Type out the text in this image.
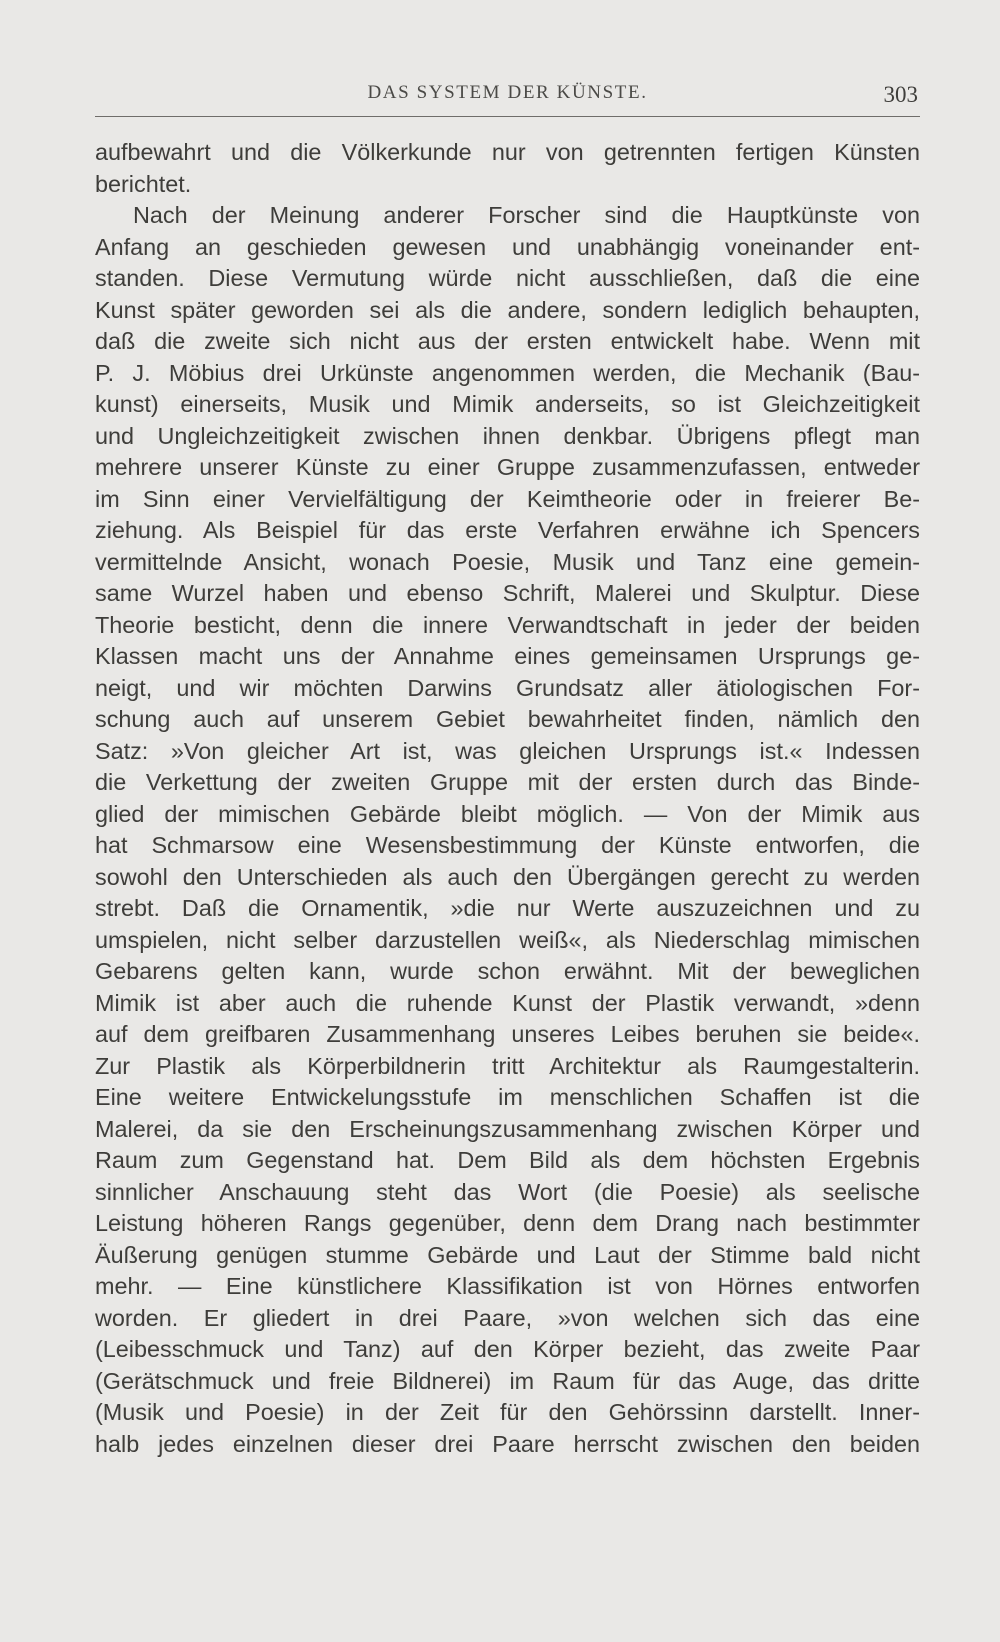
DAS SYSTEM DER KÜNSTE.	303
aufbewahrt und die Völkerkunde nur von getrennten fertigen Künsten
berichtet.
Nach der Meinung anderer Forscher sind die Hauptkünste von
Anfang an geschieden gewesen und unabhängig voneinander ent-
standen. Diese Vermutung würde nicht ausschließen, daß die eine
Kunst später geworden sei als die andere, sondern lediglich behaupten,
daß die zweite sich nicht aus der ersten entwickelt habe. Wenn mit
P. J. Möbius drei Urkünste angenommen werden, die Mechanik (Bau-
kunst) einerseits, Musik und Mimik anderseits, so ist Gleichzeitigkeit
und Ungleichzeitigkeit zwischen ihnen denkbar. Übrigens pflegt man
mehrere unserer Künste zu einer Gruppe zusammenzufassen, entweder
im Sinn einer Vervielfältigung der Keimtheorie oder in freierer Be-
ziehung. Als Beispiel für das erste Verfahren erwähne ich Spencers
vermittelnde Ansicht, wonach Poesie, Musik und Tanz eine gemein-
same Wurzel haben und ebenso Schrift, Malerei und Skulptur. Diese
Theorie besticht, denn die innere Verwandtschaft in jeder der beiden
Klassen macht uns der Annahme eines gemeinsamen Ursprungs ge-
neigt, und wir möchten Darwins Grundsatz aller ätiologischen For-
schung auch auf unserem Gebiet bewahrheitet finden, nämlich den
Satz: »Von gleicher Art ist, was gleichen Ursprungs ist.« Indessen
die Verkettung der zweiten Gruppe mit der ersten durch das Binde-
glied der mimischen Gebärde bleibt möglich. — Von der Mimik aus
hat Schmarsow eine Wesensbestimmung der Künste entworfen, die
sowohl den Unterschieden als auch den Übergängen gerecht zu werden
strebt. Daß die Ornamentik, »die nur Werte auszuzeichnen und zu
umspielen, nicht selber darzustellen weiß«, als Niederschlag mimischen
Gebarens gelten kann, wurde schon erwähnt. Mit der beweglichen
Mimik ist aber auch die ruhende Kunst der Plastik verwandt, »denn
auf dem greifbaren Zusammenhang unseres Leibes beruhen sie beide«.
Zur Plastik als Körperbildnerin tritt Architektur als Raumgestalterin.
Eine weitere Entwickelungsstufe im menschlichen Schaffen ist die
Malerei, da sie den Erscheinungszusammenhang zwischen Körper und
Raum zum Gegenstand hat. Dem Bild als dem höchsten Ergebnis
sinnlicher Anschauung steht das Wort (die Poesie) als seelische
Leistung höheren Rangs gegenüber, denn dem Drang nach bestimmter
Äußerung genügen stumme Gebärde und Laut der Stimme bald nicht
mehr. — Eine künstlichere Klassifikation ist von Hörnes entworfen
worden. Er gliedert in drei Paare, »von welchen sich das eine
(Leibesschmuck und Tanz) auf den Körper bezieht, das zweite Paar
(Gerätschmuck und freie Bildnerei) im Raum für das Auge, das dritte
(Musik und Poesie) in der Zeit für den Gehörssinn darstellt. Inner-
halb jedes einzelnen dieser drei Paare herrscht zwischen den beiden
